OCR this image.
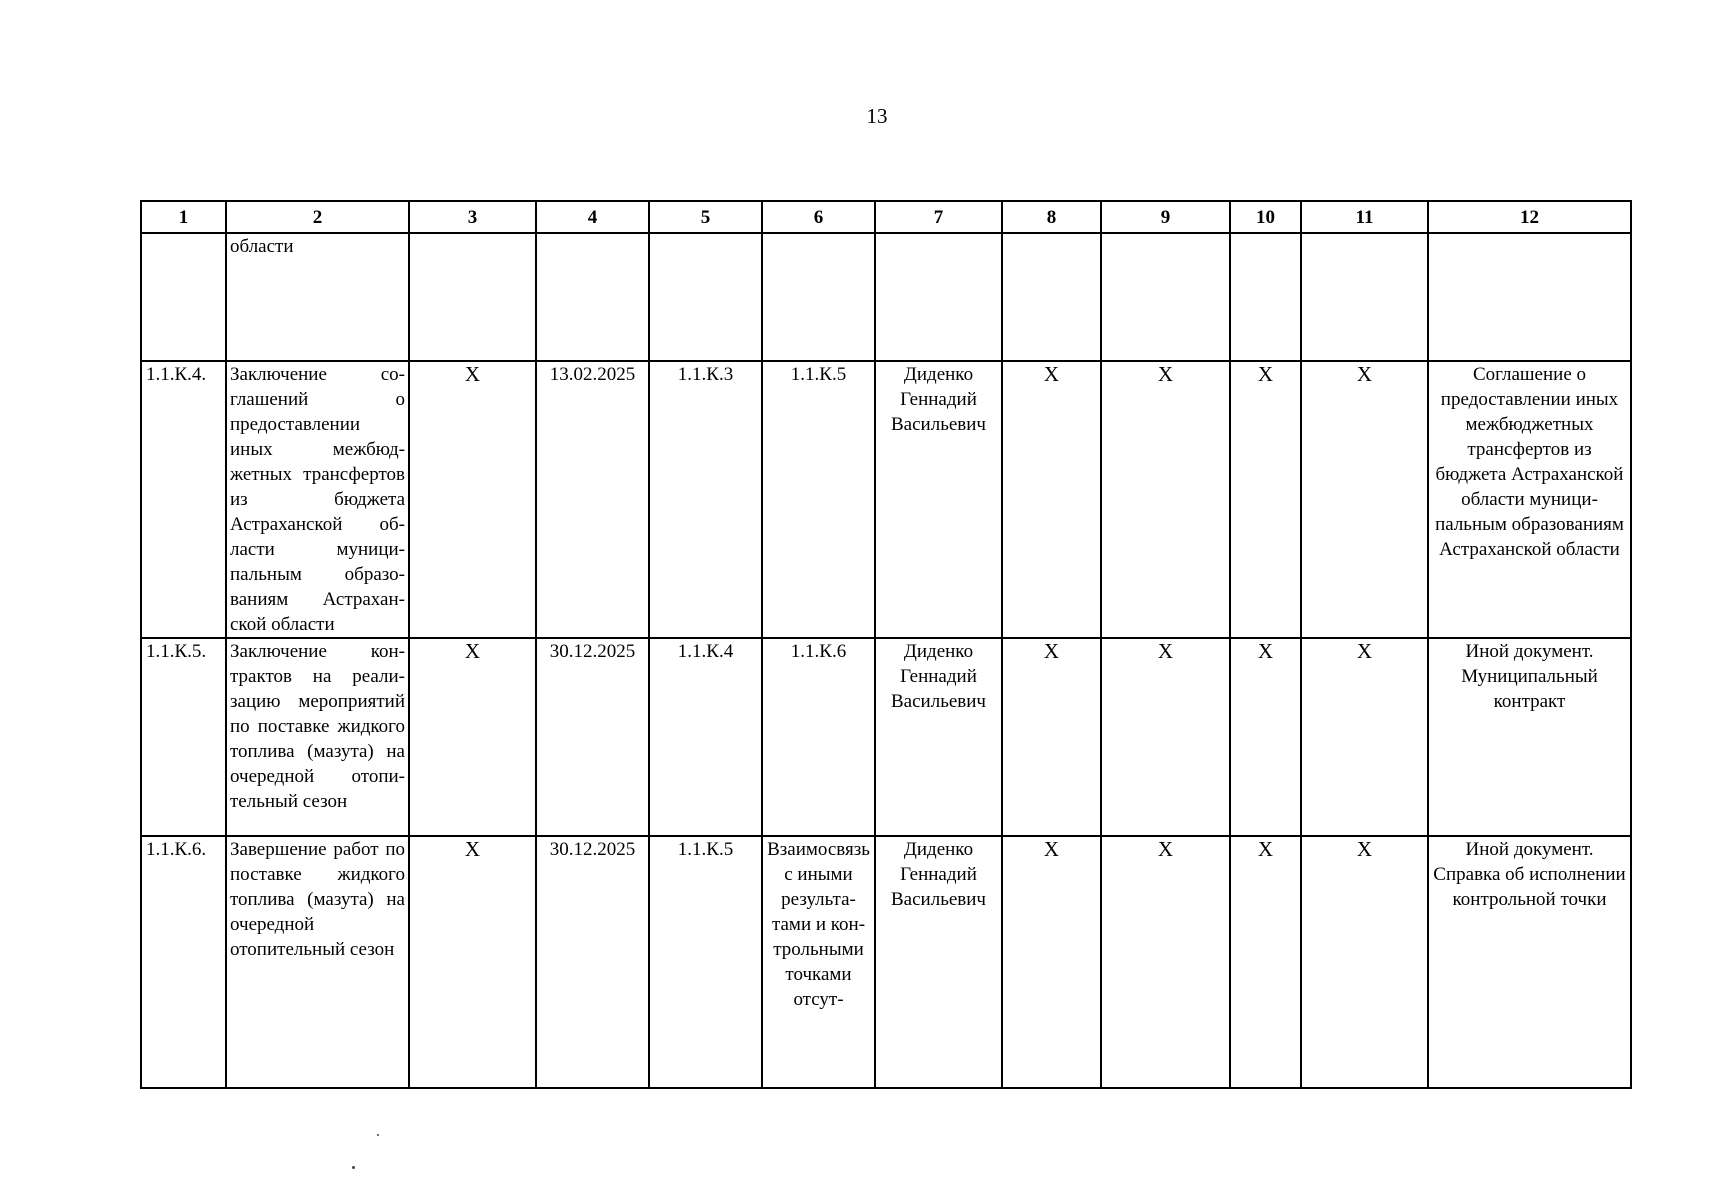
13
1	2	3	4	5	6	7	8	9	10	11	12
	области										
1.1.К.4.	Заключение соглашений о предоставлении иных межбюджетных трансфертов из бюджета Астраханской области муниципальным образованиям Астраханской области	Х	13.02.2025	1.1.К.3	1.1.К.5	Диденко Геннадий Васильевич	Х	Х	Х	Х	Соглашение о предоставлении иных межбюджетных трансфертов из бюджета Астраханской области муниципальным образованиям Астраханской области
1.1.К.5.	Заключение контрактов на реализацию мероприятий по поставке жидкого топлива (мазута) на очередной отопительный сезон	Х	30.12.2025	1.1.К.4	1.1.К.6	Диденко Геннадий Васильевич	Х	Х	Х	Х	Иной документ. Муниципальный контракт
1.1.К.6.	Завершение работ по поставке жидкого топлива (мазута) на очередной отопительный сезон	Х	30.12.2025	1.1.К.5	Взаимосвязь с иными результатами и контрольными точками отсут-	Диденко Геннадий Васильевич	Х	Х	Х	Х	Иной документ. Справка об исполнении контрольной точки
